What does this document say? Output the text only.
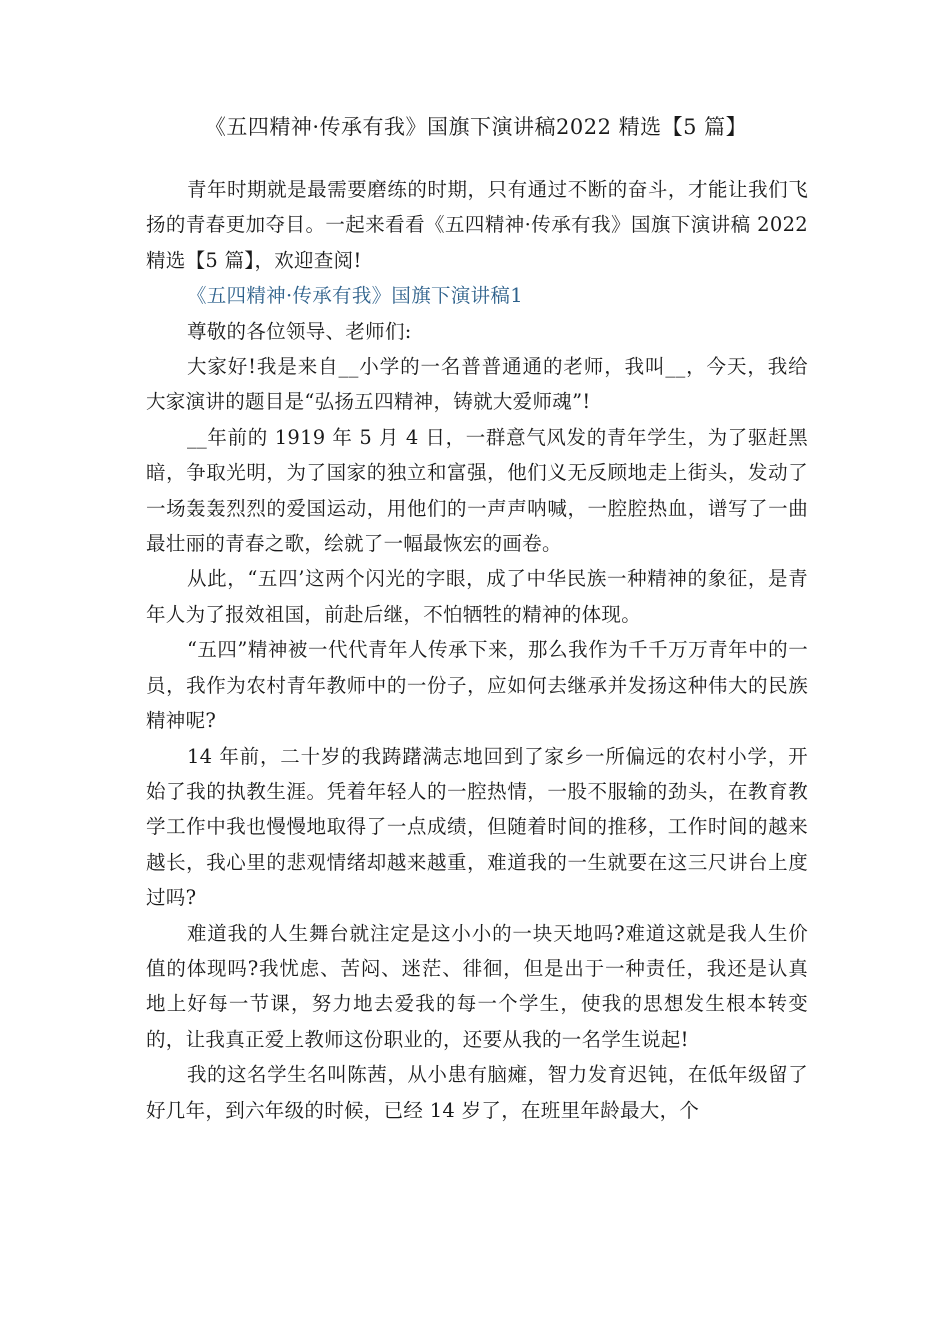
《五四精神·传承有我》国旗下演讲稿2022 精选【5 篇】

青年时期就是最需要磨练的时期，只有通过不断的奋斗，才能让我们飞扬的青春更加夺目。一起来看看《五四精神·传承有我》国旗下演讲稿 2022 精选【5 篇】，欢迎查阅!

《五四精神·传承有我》国旗下演讲稿1

尊敬的各位领导、老师们:

大家好!我是来自__小学的一名普普通通的老师，我叫__，今天，我给大家演讲的题目是“弘扬五四精神，铸就大爱师魂”!

__年前的 1919 年 5 月 4 日，一群意气风发的青年学生，为了驱赶黑暗，争取光明，为了国家的独立和富强，他们义无反顾地走上街头，发动了一场轰轰烈烈的爱国运动，用他们的一声声呐喊，一腔腔热血，谱写了一曲最壮丽的青春之歌，绘就了一幅最恢宏的画卷。

从此，“五四’这两个闪光的字眼，成了中华民族一种精神的象征，是青年人为了报效祖国，前赴后继，不怕牺牲的精神的体现。

“五四”精神被一代代青年人传承下来，那么我作为千千万万青年中的一员，我作为农村青年教师中的一份子，应如何去继承并发扬这种伟大的民族精神呢?

14 年前，二十岁的我踌躇满志地回到了家乡一所偏远的农村小学，开始了我的执教生涯。凭着年轻人的一腔热情，一股不服输的劲头，在教育教学工作中我也慢慢地取得了一点成绩，但随着时间的推移，工作时间的越来越长，我心里的悲观情绪却越来越重，难道我的一生就要在这三尺讲台上度过吗?

难道我的人生舞台就注定是这小小的一块天地吗?难道这就是我人生价值的体现吗?我忧虑、苦闷、迷茫、徘徊，但是出于一种责任，我还是认真地上好每一节课，努力地去爱我的每一个学生，使我的思想发生根本转变的，让我真正爱上教师这份职业的，还要从我的一名学生说起!

我的这名学生名叫陈茜，从小患有脑瘫，智力发育迟钝，在低年级留了好几年，到六年级的时候，已经 14 岁了，在班里年龄最大，个
